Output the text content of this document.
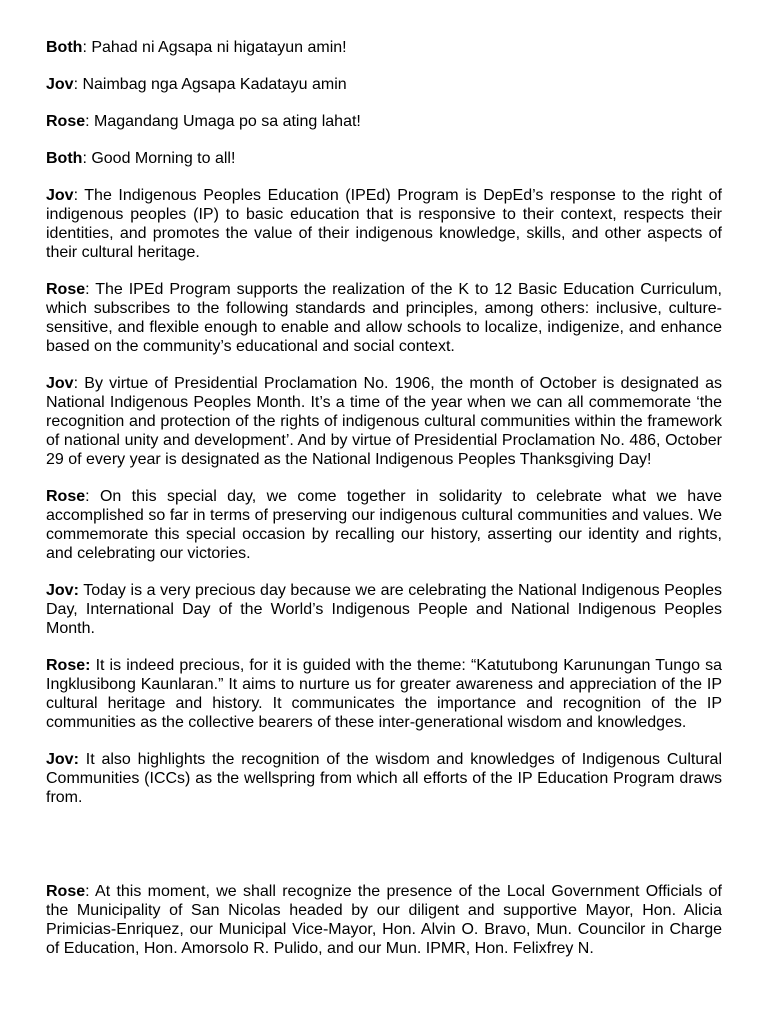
Both: Pahad ni Agsapa ni higatayun amin!

Jov: Naimbag nga Agsapa Kadatayu amin

Rose: Magandang Umaga po sa ating lahat!

Both: Good Morning to all!

Jov: The Indigenous Peoples Education (IPEd) Program is DepEd’s response to the right of indigenous peoples (IP) to basic education that is responsive to their context, respects their identities, and promotes the value of their indigenous knowledge, skills, and other aspects of their cultural heritage.

Rose: The IPEd Program supports the realization of the K to 12 Basic Education Curriculum, which subscribes to the following standards and principles, among others: inclusive, culture-sensitive, and flexible enough to enable and allow schools to localize, indigenize, and enhance based on the community’s educational and social context.

Jov: By virtue of Presidential Proclamation No. 1906, the month of October is designated as National Indigenous Peoples Month. It’s a time of the year when we can all commemorate ‘the recognition and protection of the rights of indigenous cultural communities within the framework of national unity and development’. And by virtue of Presidential Proclamation No. 486, October 29 of every year is designated as the National Indigenous Peoples Thanksgiving Day!

Rose: On this special day, we come together in solidarity to celebrate what we have accomplished so far in terms of preserving our indigenous cultural communities and values. We commemorate this special occasion by recalling our history, asserting our identity and rights, and celebrating our victories.

Jov: Today is a very precious day because we are celebrating the National Indigenous Peoples Day, International Day of the World’s Indigenous People and National Indigenous Peoples Month.

Rose: It is indeed precious, for it is guided with the theme: “Katutubong Karunungan Tungo sa Ingklusibong Kaunlaran.” It aims to nurture us for greater awareness and appreciation of the IP cultural heritage and history. It communicates the importance and recognition of the IP communities as the collective bearers of these inter-generational wisdom and knowledges.

Jov: It also highlights the recognition of the wisdom and knowledges of Indigenous Cultural Communities (ICCs) as the wellspring from which all efforts of the IP Education Program draws from.

Rose: At this moment, we shall recognize the presence of the Local Government Officials of the Municipality of San Nicolas headed by our diligent and supportive Mayor, Hon. Alicia Primicias-Enriquez, our Municipal Vice-Mayor, Hon. Alvin O. Bravo, Mun. Councilor in Charge of Education, Hon. Amorsolo R. Pulido, and our Mun. IPMR, Hon. Felixfrey N.
